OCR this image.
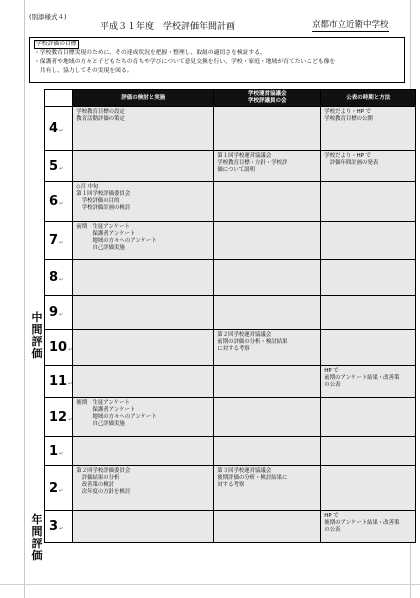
(別添様式４)
平成３１年度　学校評価年間計画	京都市立近衛中学校
学校評価の目標
・学校教育目標実現のために、その達成状況を把握・整理し、取組の適切さを検証する。
・保護者や地域の方々と子どもたちの育ちや学びについて意見交換を行い、学校・家庭・地域が育てたいこども像を
　共有し、協力してその実現を図る。
	評価の検討と実施	学校運営協議会
学校評議員の会	公表の時期と方法
4↵	学校教育目標の設定
教育活動評価の策定		学校だより・HP で
学校教育目標の公開

5↵		第１回学校運営協議会
学校教育目標・方針・学校評
価について説明	学校だより・HP で
　評価年間計画の発表

6↵	◇月 中旬
第１回学校評価委員会
　学校評価の目的
　学校評価計画の検討		

7↵	前期　生徒アンケート
　　　保護者アンケート
　　　地域の方々へのアンケート
　　　自己評価実施		

8↵			
9↵			
10↵		第２回学校運営協議会
前期の評価の分析・検討結果
に対する考察	

11↵			HP で
前期のアンケート結果・改善策
の公表

12↵	後期　生徒アンケート
　　　保護者アンケート
　　　地域の方々へのアンケート
　　　自己評価実施		

1↵			
2↵	第２回学校評価委員会
　評価結果の分析
　改善策の検討
　次年度の方針を検討	第３回学校運営協議会
後期評価の分析・検討結果に
対する考察	

3↵			HP で
後期のアンケート結果・改善策
の公表
中
間
評
価
年
間
評
価
